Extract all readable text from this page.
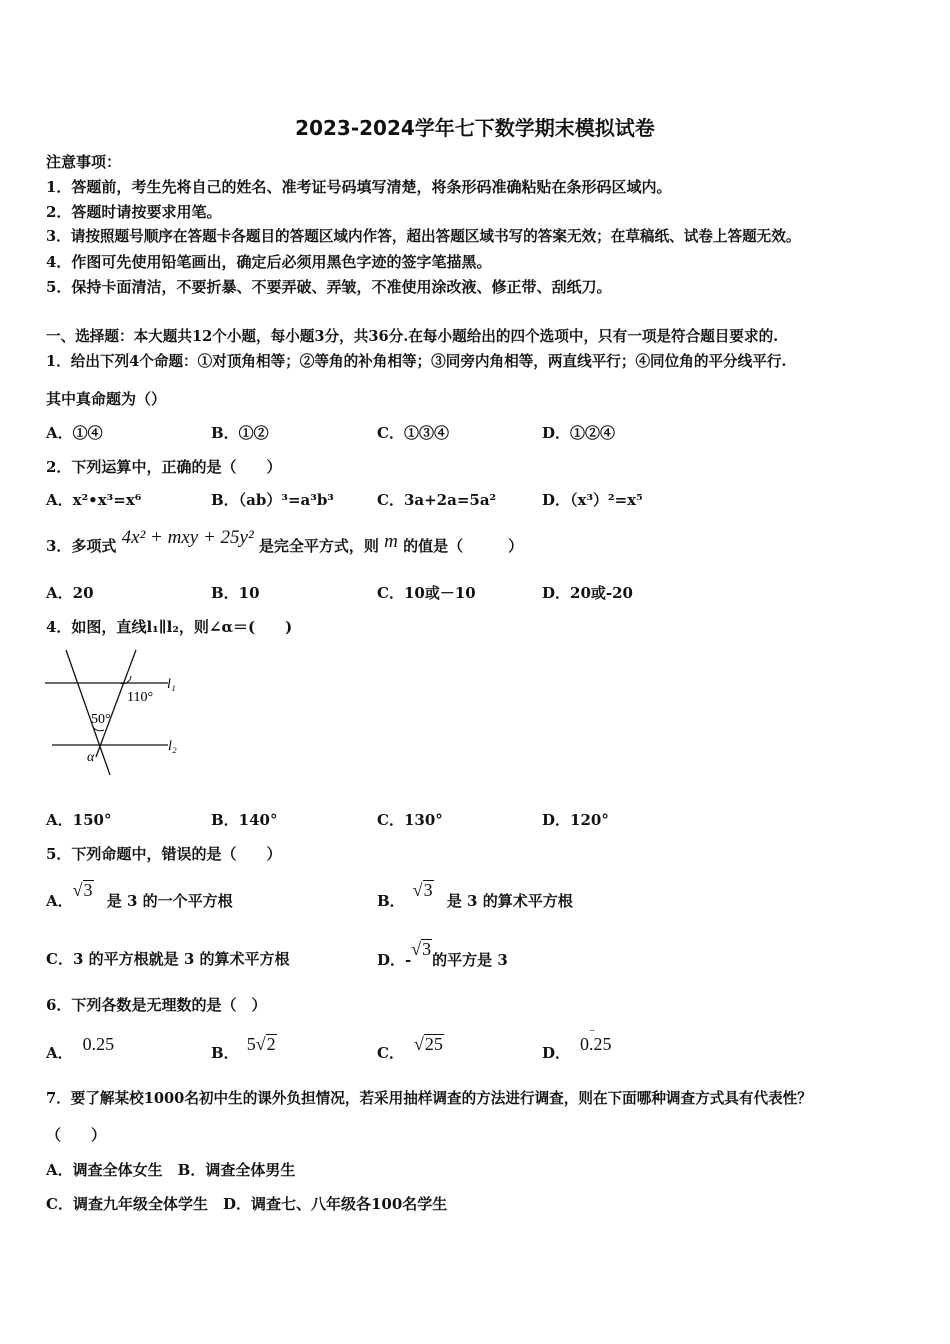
2023-2024学年七下数学期末模拟试卷
注意事项：
1．答题前，考生先将自己的姓名、准考证号码填写清楚，将条形码准确粘贴在条形码区域内。
2．答题时请按要求用笔。
3．请按照题号顺序在答题卡各题目的答题区域内作答，超出答题区域书写的答案无效；在草稿纸、试卷上答题无效。
4．作图可先使用铅笔画出，确定后必须用黑色字迹的签字笔描黑。
5．保持卡面清洁，不要折暴、不要弄破、弄皱，不准使用涂改液、修正带、刮纸刀。
一、选择题：本大题共12个小题，每小题3分，共36分.在每小题给出的四个选项中，只有一项是符合题目要求的.
1．给出下列4个命题：①对顶角相等；②等角的补角相等；③同旁内角相等，两直线平行；④同位角的平分线平行.
其中真命题为（）
A．①④	B．①②	C．①③④	D．①②④
2．下列运算中，正确的是（　　）
A．x²•x³=x⁶	B．（ab）³=a³b³	C．3a+2a=5a²	D．（x³）²=x⁵
3．多项式 4x² + mxy + 25y² 是完全平方式，则 m 的值是（　　　）
A．20	B．10	C．10或－10	D．20或-20
4．如图，直线l₁∥l₂，则∠α＝(　　)
l₁
l₂
110°
50°
α
A．150°	B．140°	C．130°	D．120°
5．下列命题中，错误的是（　　）
A．√3 是 3 的一个平方根	B．√3 是 3 的算术平方根
C．3 的平方根就是 3 的算术平方根	D．-√3的平方是 3
6．下列各数是无理数的是（　）
A． 0.25	B． 5√2	C． √25	D．· · 0.25
7．要了解某校1000名初中生的课外负担情况，若采用抽样调查的方法进行调查，则在下面哪种调查方式具有代表性？
（　　）
A．调查全体女生　B．调查全体男生
C．调查九年级全体学生　D．调查七、八年级各100名学生
